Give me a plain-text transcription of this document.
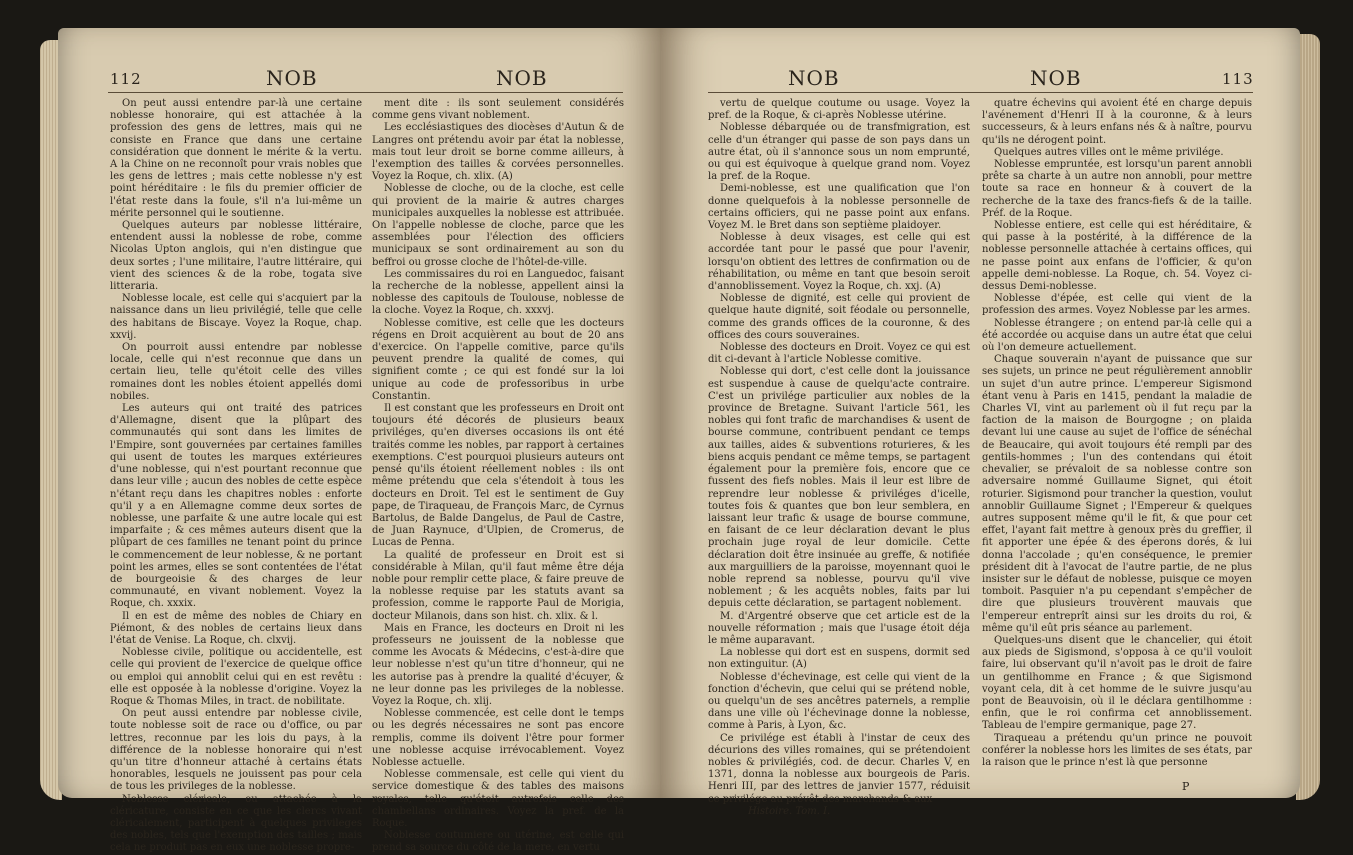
112	NOB	NOB

On peut aussi entendre par-là une certaine noblesse honoraire, qui est attachée à la profession des gens de lettres, mais qui ne consiste en France que dans une certaine considération que donnent le mérite & la vertu. A la Chine on ne reconnoît pour vrais nobles que les gens de lettres ; mais cette noblesse n'y est point héréditaire : le fils du premier officier de l'état reste dans la foule, s'il n'a lui-même un mérite personnel qui le soutienne.

Quelques auteurs par noblesse littéraire, entendent aussi la noblesse de robe, comme Nicolas Upton anglois, qui n'en distingue que deux sortes ; l'une militaire, l'autre littéraire, qui vient des sciences & de la robe, togata sive litteraria.

Noblesse locale, est celle qui s'acquiert par la naissance dans un lieu privilégié, telle que celle des habitans de Biscaye. Voyez la Roque, chap. xxvij.

On pourroit aussi entendre par noblesse locale, celle qui n'est reconnue que dans un certain lieu, telle qu'étoit celle des villes romaines dont les nobles étoient appellés domi nobiles.

Les auteurs qui ont traité des patrices d'Allemagne, disent que la plûpart des communautés qui sont dans les limites de l'Empire, sont gouvernées par certaines familles qui usent de toutes les marques extérieures d'une noblesse, qui n'est pourtant reconnue que dans leur ville ; aucun des nobles de cette espèce n'étant reçu dans les chapitres nobles : enforte qu'il y a en Allemagne comme deux sortes de noblesse, une parfaite & une autre locale qui est imparfaite ; & ces mêmes auteurs disent que la plûpart de ces familles ne tenant point du prince le commencement de leur noblesse, & ne portant point les armes, elles se sont contentées de l'état de bourgeoisie & des charges de leur communauté, en vivant noblement. Voyez la Roque, ch. xxxix.

Il en est de même des nobles de Chiary en Piémont, & des nobles de certains lieux dans l'état de Venise. La Roque, ch. clxvij.

Noblesse civile, politique ou accidentelle, est celle qui provient de l'exercice de quelque office ou emploi qui annoblit celui qui en est revêtu : elle est opposée à la noblesse d'origine. Voyez la Roque & Thomas Miles, in tract. de nobilitate.

On peut aussi entendre par noblesse civile, toute noblesse soit de race ou d'office, ou par lettres, reconnue par les lois du pays, à la différence de la noblesse honoraire qui n'est qu'un titre d'honneur attaché à certains états honorables, lesquels ne jouissent pas pour cela de tous les privileges de la noblesse.

Noblesse cléricale, ou attachée à la cléricature, consiste en ce que les clercs vivant cléricalement, participent à quelques privileges des nobles, tels que l'exemption des tailles ; mais cela ne produit pas en eux une noblesse propre-

ment dite : ils sont seulement considérés comme gens vivant noblement.

Les ecclésiastiques des diocèses d'Autun & de Langres ont prétendu avoir par état la noblesse, mais tout leur droit se borne comme ailleurs, à l'exemption des tailles & corvées personnelles. Voyez la Roque, ch. xlix. (A)

Noblesse de cloche, ou de la cloche, est celle qui provient de la mairie & autres charges municipales auxquelles la noblesse est attribuée. On l'appelle noblesse de cloche, parce que les assemblées pour l'élection des officiers municipaux se sont ordinairement au son du beffroi ou grosse cloche de l'hôtel-de-ville.

Les commissaires du roi en Languedoc, faisant la recherche de la noblesse, appellent ainsi la noblesse des capitouls de Toulouse, noblesse de la cloche. Voyez la Roque, ch. xxxvj.

Noblesse comitive, est celle que les docteurs régens en Droit acquièrent au bout de 20 ans d'exercice. On l'appelle comitive, parce qu'ils peuvent prendre la qualité de comes, qui signifient comte ; ce qui est fondé sur la loi unique au code de professoribus in urbe Constantin.

Il est constant que les professeurs en Droit ont toujours été décorés de plusieurs beaux priviléges, qu'en diverses occasions ils ont été traités comme les nobles, par rapport à certaines exemptions. C'est pourquoi plusieurs auteurs ont pensé qu'ils étoient réellement nobles : ils ont même prétendu que cela s'étendoit à tous les docteurs en Droit. Tel est le sentiment de Guy pape, de Tiraqueau, de François Marc, de Cyrnus Bartolus, de Balde Dangelus, de Paul de Castre, de Juan Raynuce, d'Ulpien, de Cromerus, de Lucas de Penna.

La qualité de professeur en Droit est si considérable à Milan, qu'il faut même être déja noble pour remplir cette place, & faire preuve de la noblesse requise par les statuts avant sa profession, comme le rapporte Paul de Morigia, docteur Milanois, dans son hist. ch. xlix. & l.

Mais en France, les docteurs en Droit ni les professeurs ne jouissent de la noblesse que comme les Avocats & Médecins, c'est-à-dire que leur noblesse n'est qu'un titre d'honneur, qui ne les autorise pas à prendre la qualité d'écuyer, & ne leur donne pas les privileges de la noblesse. Voyez la Roque, ch. xlij.

Noblesse commencée, est celle dont le temps ou les degrés nécessaires ne sont pas encore remplis, comme ils doivent l'être pour former une noblesse acquise irrévocablement. Voyez Noblesse actuelle.

Noblesse commensale, est celle qui vient du service domestique & des tables des maisons royales, telle qu'étoit autrefois celle des chambellans ordinaires. Voyez la pref. de la Roque.

Noblesse coutumiere ou utérine, est celle qui prend sa source du côté de la mere, en vertu

NOB	NOB	113

vertu de quelque coutume ou usage. Voyez la pref. de la Roque, & ci-après Noblesse utérine.

Noblesse débarquée ou de transfmigration, est celle d'un étranger qui passe de son pays dans un autre état, où il s'annonce sous un nom emprunté, ou qui est équivoque à quelque grand nom. Voyez la pref. de la Roque.

Demi-noblesse, est une qualification que l'on donne quelquefois à la noblesse personnelle de certains officiers, qui ne passe point aux enfans. Voyez M. le Bret dans son septième plaidoyer.

Noblesse à deux visages, est celle qui est accordée tant pour le passé que pour l'avenir, lorsqu'on obtient des lettres de confirmation ou de réhabilitation, ou même en tant que besoin seroit d'annoblissement. Voyez la Roque, ch. xxj. (A)

Noblesse de dignité, est celle qui provient de quelque haute dignité, soit féodale ou personnelle, comme des grands offices de la couronne, & des offices des cours souveraines.

Noblesse des docteurs en Droit. Voyez ce qui est dit ci-devant à l'article Noblesse comitive.

Noblesse qui dort, c'est celle dont la jouissance est suspendue à cause de quelqu'acte contraire. C'est un privilége particulier aux nobles de la province de Bretagne. Suivant l'article 561, les nobles qui font trafic de marchandises & usent de bourse commune, contribuent pendant ce temps aux tailles, aides & subventions roturieres, & les biens acquis pendant ce même temps, se partagent également pour la première fois, encore que ce fussent des fiefs nobles. Mais il leur est libre de reprendre leur noblesse & priviléges d'icelle, toutes fois & quantes que bon leur semblera, en laissant leur trafic & usage de bourse commune, en faisant de ce leur déclaration devant le plus prochain juge royal de leur domicile. Cette déclaration doit être insinuée au greffe, & notifiée aux marguilliers de la paroisse, moyennant quoi le noble reprend sa noblesse, pourvu qu'il vive noblement ; & les acquêts nobles, faits par lui depuis cette déclaration, se partagent noblement.

M. d'Argentré observe que cet article est de la nouvelle réformation ; mais que l'usage étoit déja le même auparavant.

La noblesse qui dort est en suspens, dormit sed non extinguitur. (A)

Noblesse d'échevinage, est celle qui vient de la fonction d'échevin, que celui qui se prétend noble, ou quelqu'un de ses ancêtres paternels, a remplie dans une ville où l'échevinage donne la noblesse, comme à Paris, à Lyon, &c.

Ce privilége est établi à l'instar de ceux des décurions des villes romaines, qui se prétendoient nobles & privilégiés, cod. de decur. Charles V, en 1371, donna la noblesse aux bourgeois de Paris. Henri III, par des lettres de janvier 1577, réduisit ce privilége au prévôt des marchands & aux

Histoire. Tom. I.

quatre échevins qui avoient été en charge depuis l'avénement d'Henri II à la couronne, & à leurs successeurs, & à leurs enfans nés & à naître, pourvu qu'ils ne dérogent point.

Quelques autres villes ont le même privilége.

Noblesse empruntée, est lorsqu'un parent annobli prête sa charte à un autre non annobli, pour mettre toute sa race en honneur & à couvert de la recherche de la taxe des francs-fiefs & de la taille. Préf. de la Roque.

Noblesse entiere, est celle qui est héréditaire, & qui passe à la postérité, à la différence de la noblesse personnelle attachée à certains offices, qui ne passe point aux enfans de l'officier, & qu'on appelle demi-noblesse. La Roque, ch. 54. Voyez ci-dessus Demi-noblesse.

Noblesse d'épée, est celle qui vient de la profession des armes. Voyez Noblesse par les armes.

Noblesse étrangere ; on entend par-là celle qui a été accordée ou acquise dans un autre état que celui où l'on demeure actuellement.

Chaque souverain n'ayant de puissance que sur ses sujets, un prince ne peut régulièrement annoblir un sujet d'un autre prince. L'empereur Sigismond étant venu à Paris en 1415, pendant la maladie de Charles VI, vint au parlement où il fut reçu par la faction de la maison de Bourgogne ; on plaida devant lui une cause au sujet de l'office de sénéchal de Beaucaire, qui avoit toujours été rempli par des gentils-hommes ; l'un des contendans qui étoit chevalier, se prévaloit de sa noblesse contre son adversaire nommé Guillaume Signet, qui étoit roturier. Sigismond pour trancher la question, voulut annoblir Guillaume Signet ; l'Empereur & quelques autres supposent même qu'il le fit, & que pour cet effet, l'ayant fait mettre à genoux près du greffier, il fit apporter une épée & des éperons dorés, & lui donna l'accolade ; qu'en conséquence, le premier président dit à l'avocat de l'autre partie, de ne plus insister sur le défaut de noblesse, puisque ce moyen tomboit. Pasquier n'a pu cependant s'empêcher de dire que plusieurs trouvèrent mauvais que l'empereur entreprît ainsi sur les droits du roi, & même qu'il eût pris séance au parlement.

Quelques-uns disent que le chancelier, qui étoit aux pieds de Sigismond, s'opposa à ce qu'il vouloit faire, lui observant qu'il n'avoit pas le droit de faire un gentilhomme en France ; & que Sigismond voyant cela, dit à cet homme de le suivre jusqu'au pont de Beauvoisin, où il le déclara gentilhomme : enfin, que le roi confirma cet annoblissement. Tableau de l'empire germanique, page 27.

Tiraqueau a prétendu qu'un prince ne pouvoit conférer la noblesse hors les limites de ses états, par la raison que le prince n'est là que personne

P
